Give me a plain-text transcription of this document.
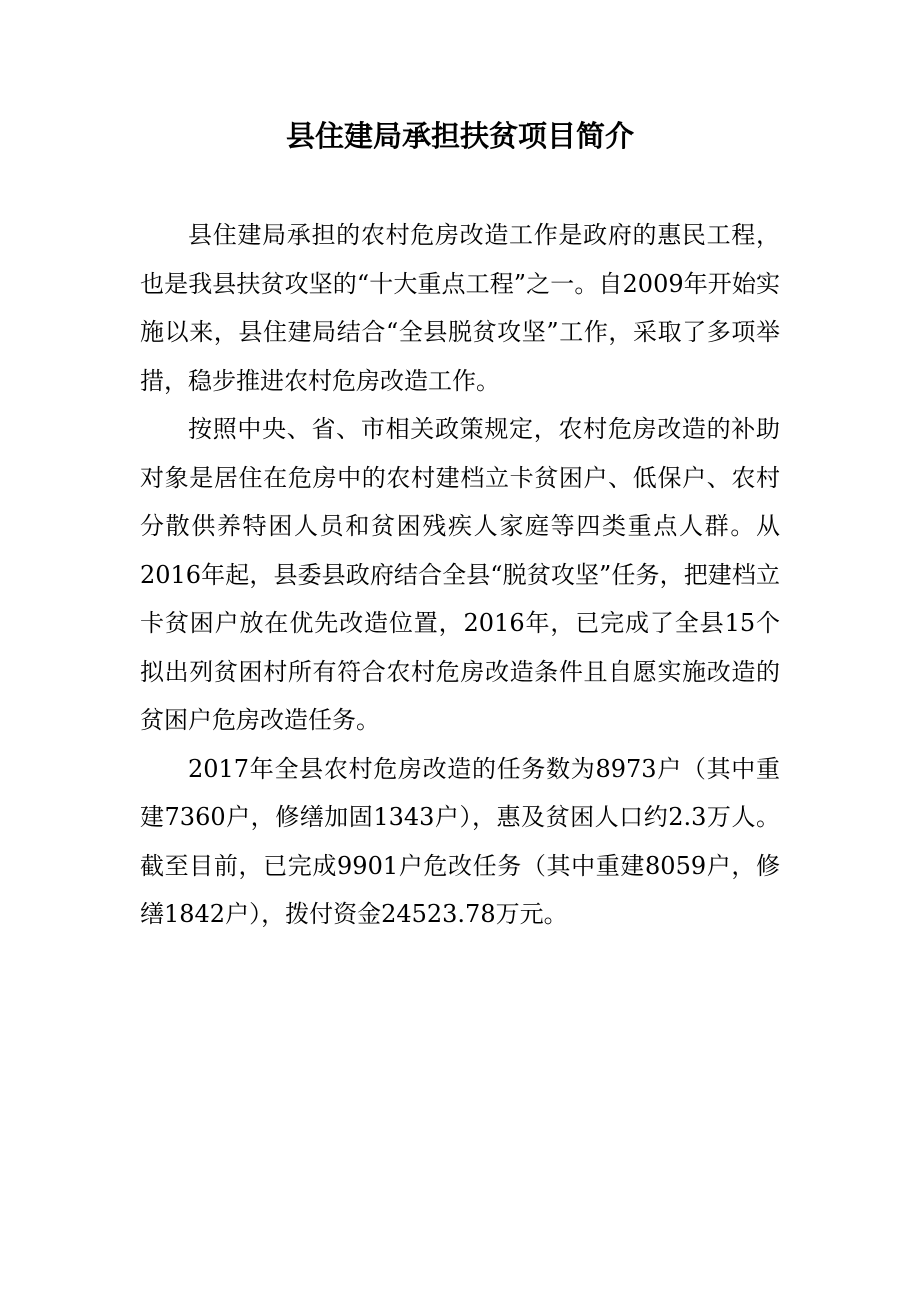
县住建局承担扶贫项目简介

县住建局承担的农村危房改造工作是政府的惠民工程，也是我县扶贫攻坚的“十大重点工程”之一。自2009年开始实施以来，县住建局结合“全县脱贫攻坚”工作，采取了多项举措，稳步推进农村危房改造工作。

按照中央、省、市相关政策规定，农村危房改造的补助对象是居住在危房中的农村建档立卡贫困户、低保户、农村分散供养特困人员和贫困残疾人家庭等四类重点人群。从2016年起，县委县政府结合全县“脱贫攻坚”任务，把建档立卡贫困户放在优先改造位置，2016年，已完成了全县15个拟出列贫困村所有符合农村危房改造条件且自愿实施改造的贫困户危房改造任务。

2017年全县农村危房改造的任务数为8973户（其中重建7360户，修缮加固1343户），惠及贫困人口约2.3万人。截至目前，已完成9901户危改任务（其中重建8059户，修缮1842户），拨付资金24523.78万元。
